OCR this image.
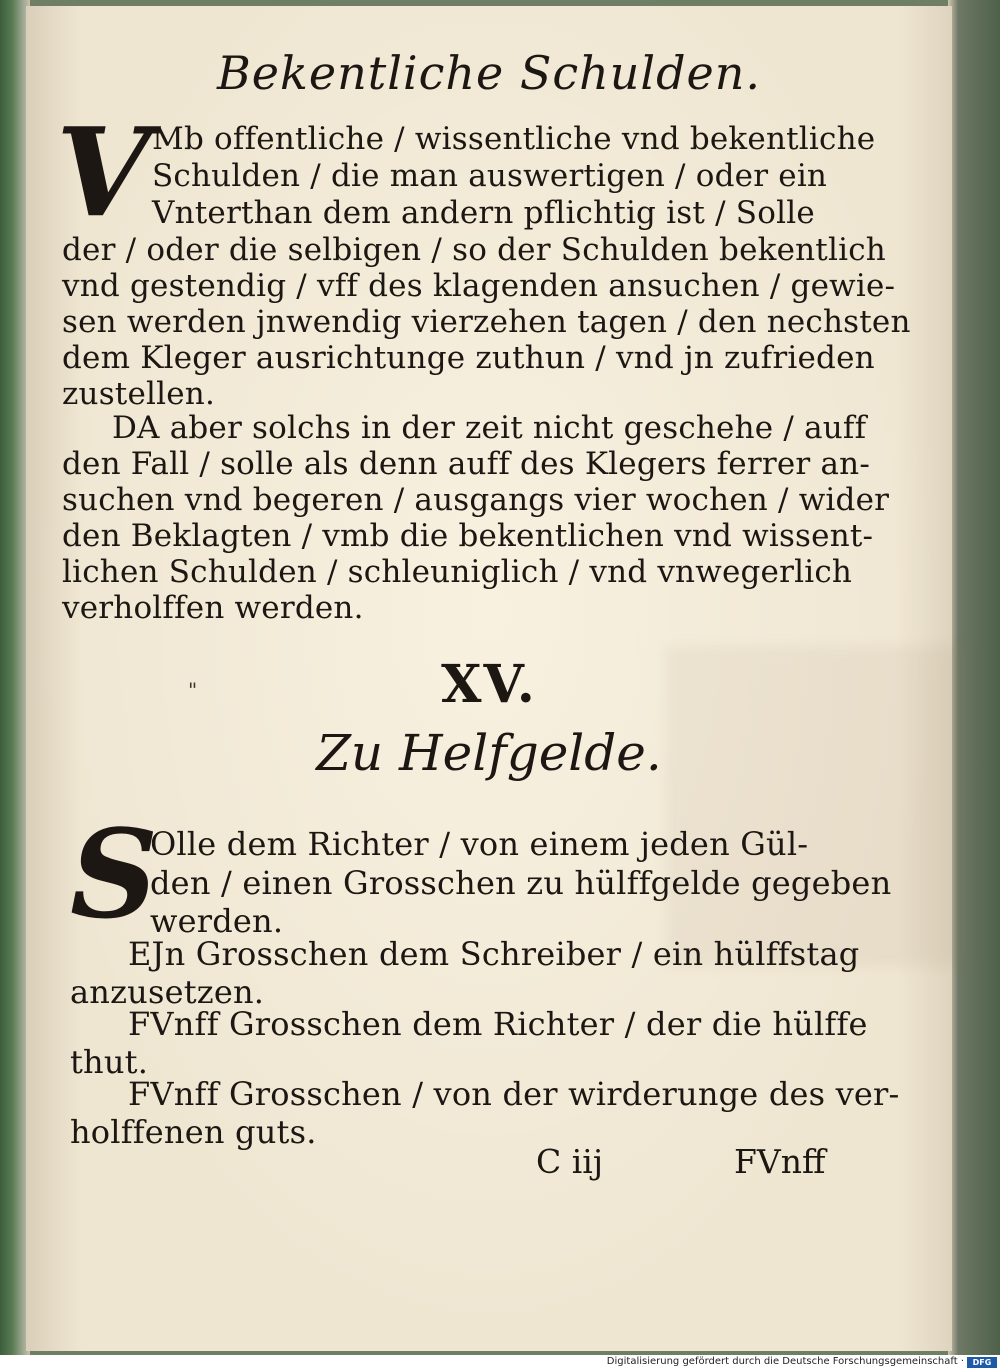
Bekentliche Schulden.
V Mb offentliche / wissentliche vnd bekentliche
Schulden / die man auswertigen / oder ein
Vnterthan dem andern pflichtig ist / Solle
der / oder die selbigen / so der Schulden bekentlich
vnd gestendig / vff des klagenden ansuchen / gewie-
sen werden jnwendig vierzehen tagen / den nechsten
dem Kleger ausrichtunge zuthun / vnd jn zufrieden
zustellen.
DA aber solchs in der zeit nicht geschehe / auff
den Fall / solle als denn auff des Klegers ferrer an-
suchen vnd begeren / ausgangs vier wochen / wider
den Beklagten / vmb die bekentlichen vnd wissent-
lichen Schulden / schleuniglich / vnd vnwegerlich
verholffen werden.
"	XV.
Zu Helfgelde.
S
Olle dem Richter / von einem jeden Gül-
den / einen Grosschen zu hülffgelde gegeben
werden.
EJn Grosschen dem Schreiber / ein hülffstag
anzusetzen.
FVnff Grosschen dem Richter / der die hülffe
thut.
FVnff Grosschen / von der wirderunge des ver-
holffenen guts.
C iij	FVnff
Digitalisierung gefördert durch die Deutsche Forschungsgemeinschaft ·	DFG
